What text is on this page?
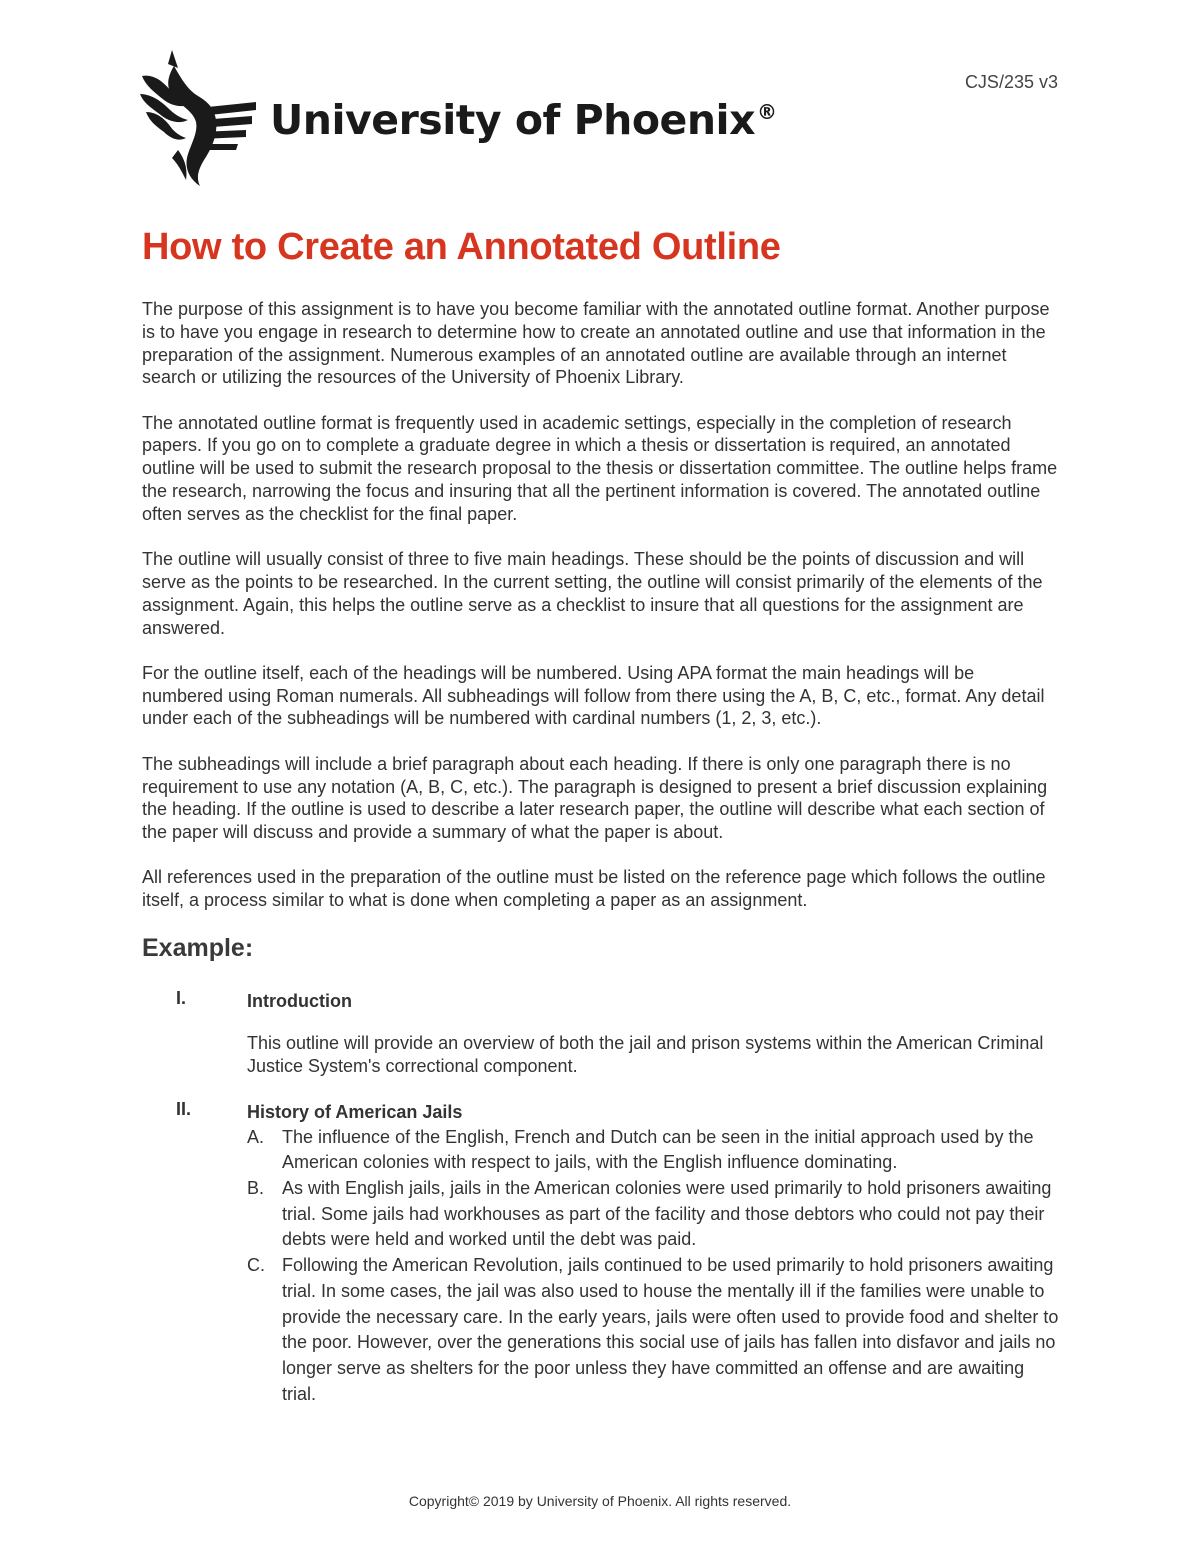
University of Phoenix ®
CJS/235 v3
How to Create an Annotated Outline

The purpose of this assignment is to have you become familiar with the annotated outline format. Another purpose is to have you engage in research to determine how to create an annotated outline and use that information in the preparation of the assignment. Numerous examples of an annotated outline are available through an internet search or utilizing the resources of the University of Phoenix Library.

The annotated outline format is frequently used in academic settings, especially in the completion of research papers. If you go on to complete a graduate degree in which a thesis or dissertation is required, an annotated outline will be used to submit the research proposal to the thesis or dissertation committee. The outline helps frame the research, narrowing the focus and insuring that all the pertinent information is covered. The annotated outline often serves as the checklist for the final paper.

The outline will usually consist of three to five main headings. These should be the points of discussion and will serve as the points to be researched. In the current setting, the outline will consist primarily of the elements of the assignment. Again, this helps the outline serve as a checklist to insure that all questions for the assignment are answered.

For the outline itself, each of the headings will be numbered. Using APA format the main headings will be numbered using Roman numerals. All subheadings will follow from there using the A, B, C, etc., format. Any detail under each of the subheadings will be numbered with cardinal numbers (1, 2, 3, etc.).

The subheadings will include a brief paragraph about each heading. If there is only one paragraph there is no requirement to use any notation (A, B, C, etc.). The paragraph is designed to present a brief discussion explaining the heading. If the outline is used to describe a later research paper, the outline will describe what each section of the paper will discuss and provide a summary of what the paper is about.

All references used in the preparation of the outline must be listed on the reference page which follows the outline itself, a process similar to what is done when completing a paper as an assignment.

Example:
I.	Introduction
This outline will provide an overview of both the jail and prison systems within the American Criminal Justice System's correctional component.
II.	History of American Jails
A. The influence of the English, French and Dutch can be seen in the initial approach used by the American colonies with respect to jails, with the English influence dominating.
B. As with English jails, jails in the American colonies were used primarily to hold prisoners awaiting trial. Some jails had workhouses as part of the facility and those debtors who could not pay their debts were held and worked until the debt was paid.
C. Following the American Revolution, jails continued to be used primarily to hold prisoners awaiting trial. In some cases, the jail was also used to house the mentally ill if the families were unable to provide the necessary care. In the early years, jails were often used to provide food and shelter to the poor. However, over the generations this social use of jails has fallen into disfavor and jails no longer serve as shelters for the poor unless they have committed an offense and are awaiting trial.
Copyright© 2019 by University of Phoenix. All rights reserved.
